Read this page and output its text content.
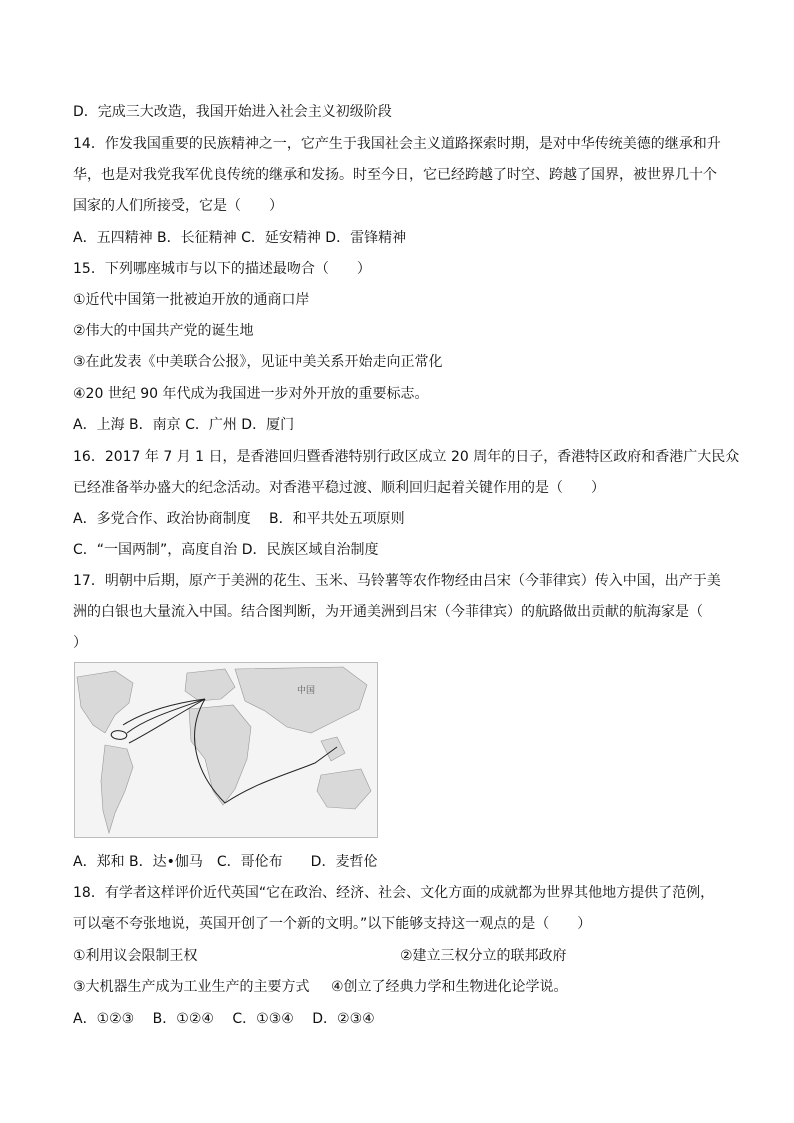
D．完成三大改造，我国开始进入社会主义初级阶段
14．作发我国重要的民族精神之一，它产生于我国社会主义道路探索时期，是对中华传统美德的继承和升
华，也是对我党我军优良传统的继承和发扬。时至今日，它已经跨越了时空、跨越了国界，被世界几十个
国家的人们所接受，它是（　　）
A．五四精神 B．长征精神 C．延安精神 D．雷锋精神
15．下列哪座城市与以下的描述最吻合（　　）
①近代中国第一批被迫开放的通商口岸
②伟大的中国共产党的诞生地
③在此发表《中美联合公报》，见证中美关系开始走向正常化
④20 世纪 90 年代成为我国进一步对外开放的重要标志。
A．上海 B．南京 C．广州 D．厦门
16．2017 年 7 月 1 日，是香港回归暨香港特别行政区成立 20 周年的日子，香港特区政府和香港广大民众
已经准备举办盛大的纪念活动。对香港平稳过渡、顺利回归起着关键作用的是（　　）
A．多党合作、政治协商制度　 B．和平共处五项原则
C．“一国两制”，高度自治 D．民族区域自治制度
17．明朝中后期，原产于美洲的花生、玉米、马铃薯等农作物经由吕宋（今菲律宾）传入中国，出产于美
洲的白银也大量流入中国。结合图判断，为开通美洲到吕宋（今菲律宾）的航路做出贡献的航海家是（
）
中国
A．郑和 B．达•伽马　C．哥伦布　　D．麦哲伦
18．有学者这样评价近代英国“它在政治、经济、社会、文化方面的成就都为世界其他地方提供了范例，
可以毫不夸张地说，英国开创了一个新的文明。”以下能够支持这一观点的是（　　）
①利用议会限制王权	②建立三权分立的联邦政府
③大机器生产成为工业生产的主要方式 ④创立了经典力学和生物进化论学说。
A．①②③　 B．①②④　 C．①③④　 D．②③④
